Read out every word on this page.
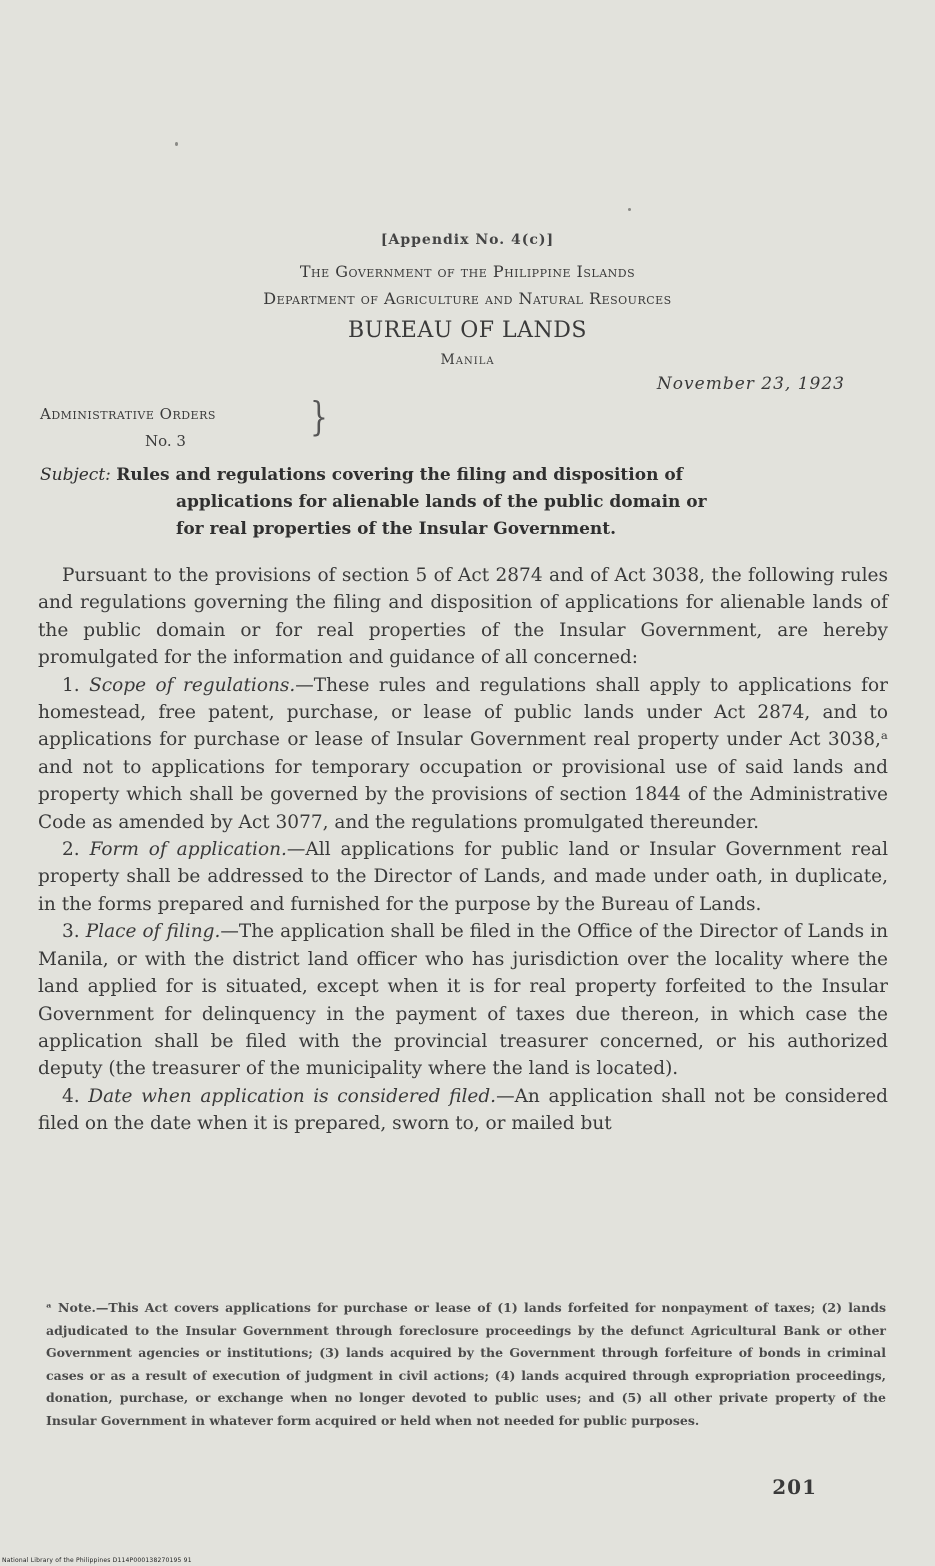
[Appendix No. 4(c)]
The Government of the Philippine Islands
Department of Agriculture and Natural Resources
BUREAU OF LANDS
Manila
November 23, 1923
Administrative Orders
No. 3
}
Subject: Rules and regulations covering the filing and disposition of
applications for alienable lands of the public domain or
for real properties of the Insular Government.

Pursuant to the provisions of section 5 of Act 2874 and of Act 3038, the following rules and regulations governing the filing and disposition of applications for alienable lands of the public domain or for real properties of the Insular Government, are hereby promulgated for the information and guidance of all concerned:

1. Scope of regulations.—These rules and regulations shall apply to applications for homestead, free patent, purchase, or lease of public lands under Act 2874, and to applications for purchase or lease of Insular Government real property under Act 3038,ᵃ and not to applications for temporary occupation or provisional use of said lands and property which shall be governed by the provisions of section 1844 of the Administrative Code as amended by Act 3077, and the regulations promulgated thereunder.

2. Form of application.—All applications for public land or Insular Government real property shall be addressed to the Director of Lands, and made under oath, in duplicate, in the forms prepared and furnished for the purpose by the Bureau of Lands.

3. Place of filing.—The application shall be filed in the Office of the Director of Lands in Manila, or with the district land officer who has jurisdiction over the locality where the land applied for is situated, except when it is for real property forfeited to the Insular Government for delinquency in the payment of taxes due thereon, in which case the application shall be filed with the provincial treasurer concerned, or his authorized deputy (the treasurer of the municipality where the land is located).

4. Date when application is considered filed.—An application shall not be considered filed on the date when it is prepared, sworn to, or mailed but

ᵃ Note.—This Act covers applications for purchase or lease of (1) lands forfeited for nonpayment of taxes; (2) lands adjudicated to the Insular Government through foreclosure proceedings by the defunct Agricultural Bank or other Government agencies or institutions; (3) lands acquired by the Government through forfeiture of bonds in criminal cases or as a result of execution of judgment in civil actions; (4) lands acquired through expropriation proceedings, donation, purchase, or exchange when no longer devoted to public uses; and (5) all other private property of the Insular Government in whatever form acquired or held when not needed for public purposes.
201
National Library of the Philippines D114P000138270195 91
